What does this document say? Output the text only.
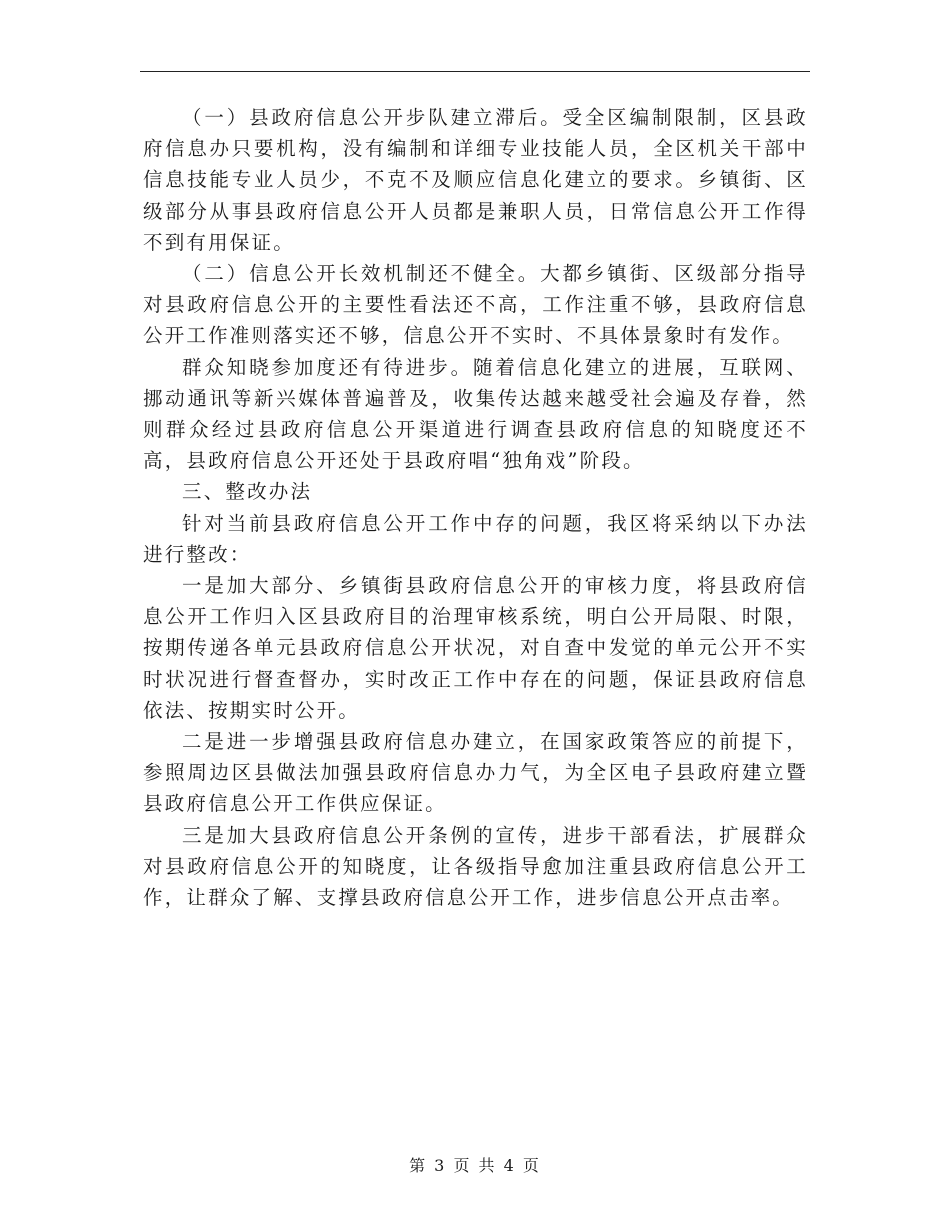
（一）县政府信息公开步队建立滞后。受全区编制限制，区县政府信息办只要机构，没有编制和详细专业技能人员，全区机关干部中信息技能专业人员少，不克不及顺应信息化建立的要求。乡镇街、区级部分从事县政府信息公开人员都是兼职人员，日常信息公开工作得不到有用保证。

（二）信息公开长效机制还不健全。大都乡镇街、区级部分指导对县政府信息公开的主要性看法还不高，工作注重不够，县政府信息公开工作准则落实还不够，信息公开不实时、不具体景象时有发作。

群众知晓参加度还有待进步。随着信息化建立的进展，互联网、挪动通讯等新兴媒体普遍普及，收集传达越来越受社会遍及存眷，然则群众经过县政府信息公开渠道进行调查县政府信息的知晓度还不高，县政府信息公开还处于县政府唱“独角戏”阶段。

三、整改办法

针对当前县政府信息公开工作中存的问题，我区将采纳以下办法进行整改：

一是加大部分、乡镇街县政府信息公开的审核力度，将县政府信息公开工作归入区县政府目的治理审核系统，明白公开局限、时限，按期传递各单元县政府信息公开状况，对自查中发觉的单元公开不实时状况进行督查督办，实时改正工作中存在的问题，保证县政府信息依法、按期实时公开。

二是进一步增强县政府信息办建立，在国家政策答应的前提下，参照周边区县做法加强县政府信息办力气，为全区电子县政府建立暨县政府信息公开工作供应保证。

三是加大县政府信息公开条例的宣传，进步干部看法，扩展群众对县政府信息公开的知晓度，让各级指导愈加注重县政府信息公开工作，让群众了解、支撑县政府信息公开工作，进步信息公开点击率。

第 3 页 共 4 页
